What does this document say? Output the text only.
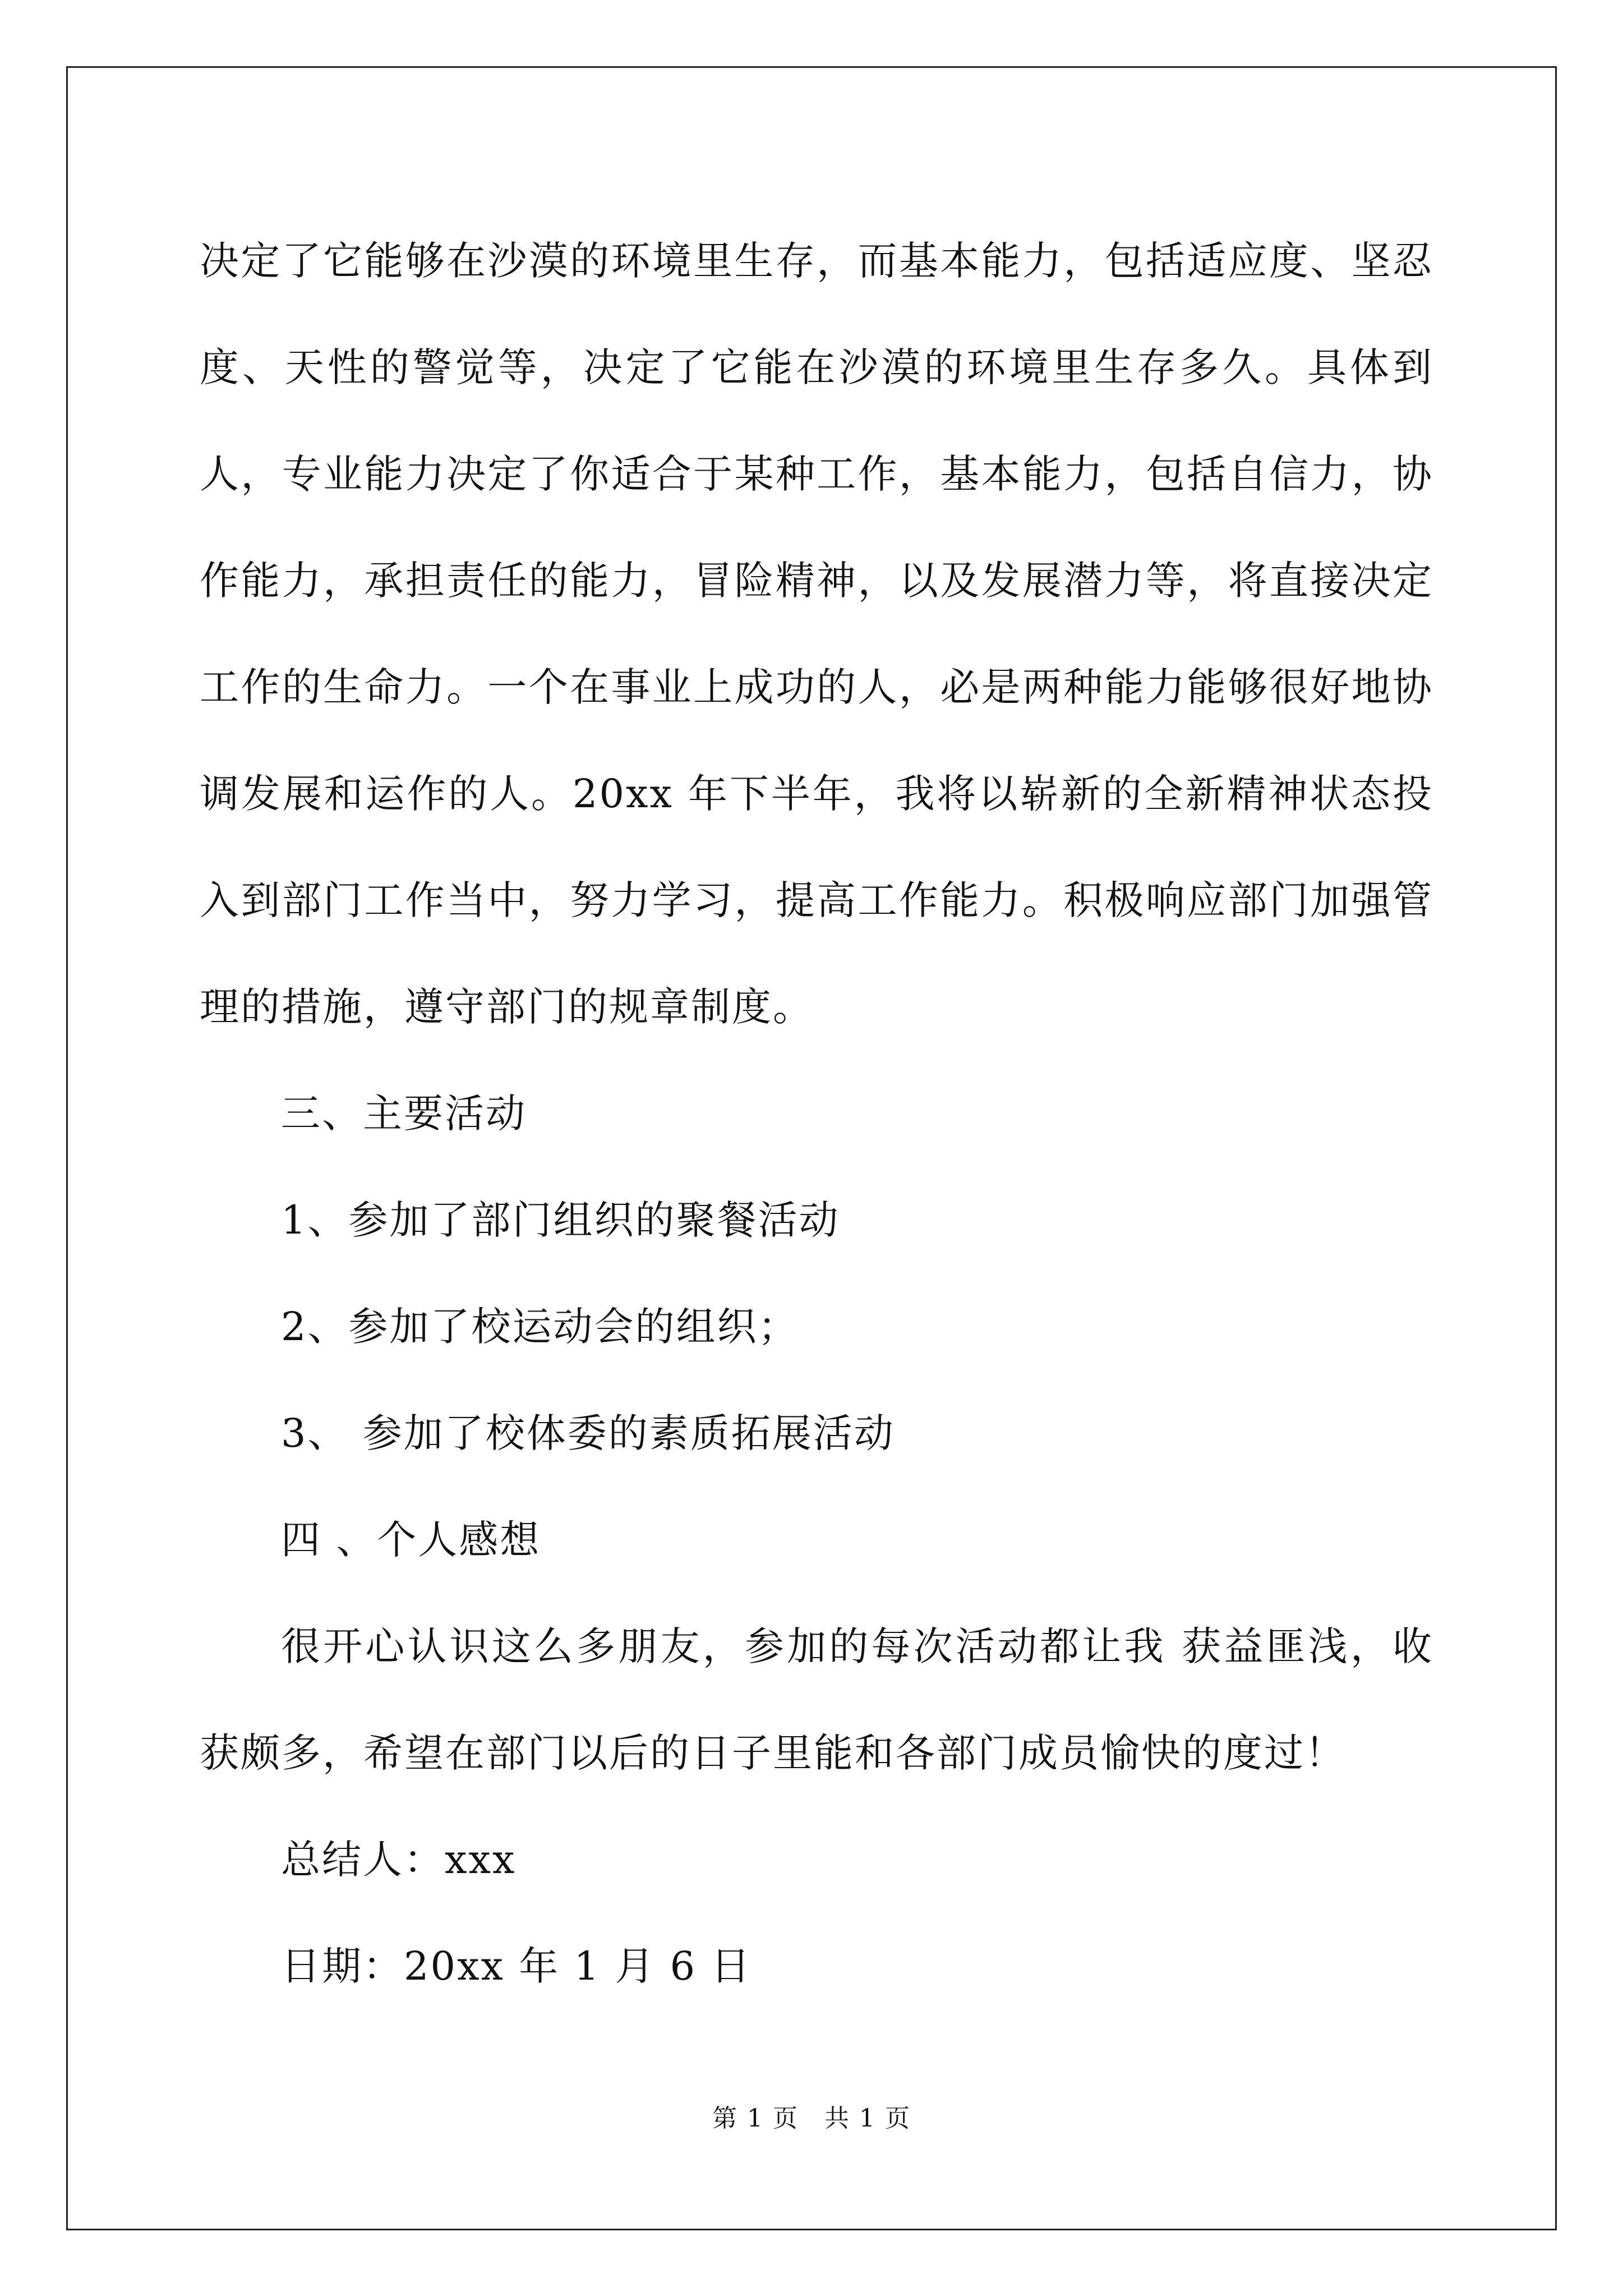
决定了它能够在沙漠的环境里生存，而基本能力，包括适应度、坚忍度、天性的警觉等，决定了它能在沙漠的环境里生存多久。具体到人，专业能力决定了你适合于某种工作，基本能力，包括自信力，协作能力，承担责任的能力，冒险精神，以及发展潜力等，将直接决定工作的生命力。一个在事业上成功的人，必是两种能力能够很好地协调发展和运作的人。20xx 年下半年，我将以崭新的全新精神状态投入到部门工作当中，努力学习，提高工作能力。积极响应部门加强管理的措施，遵守部门的规章制度。

三、主要活动

1、参加了部门组织的聚餐活动

2、参加了校运动会的组织；

3、 参加了校体委的素质拓展活动

四 、个人感想

很开心认识这么多朋友，参加的每次活动都让我 获益匪浅，收获颇多，希望在部门以后的日子里能和各部门成员愉快的度过！

总结人：xxx

日期：20xx 年 1 月 6 日

第 1 页　共 1 页
